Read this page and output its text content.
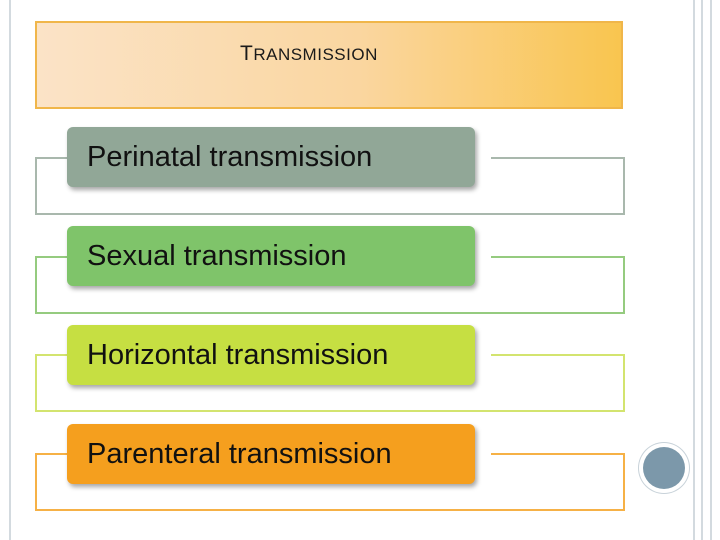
TRANSMISSION
Perinatal transmission
Sexual transmission
Horizontal transmission
Parenteral transmission
